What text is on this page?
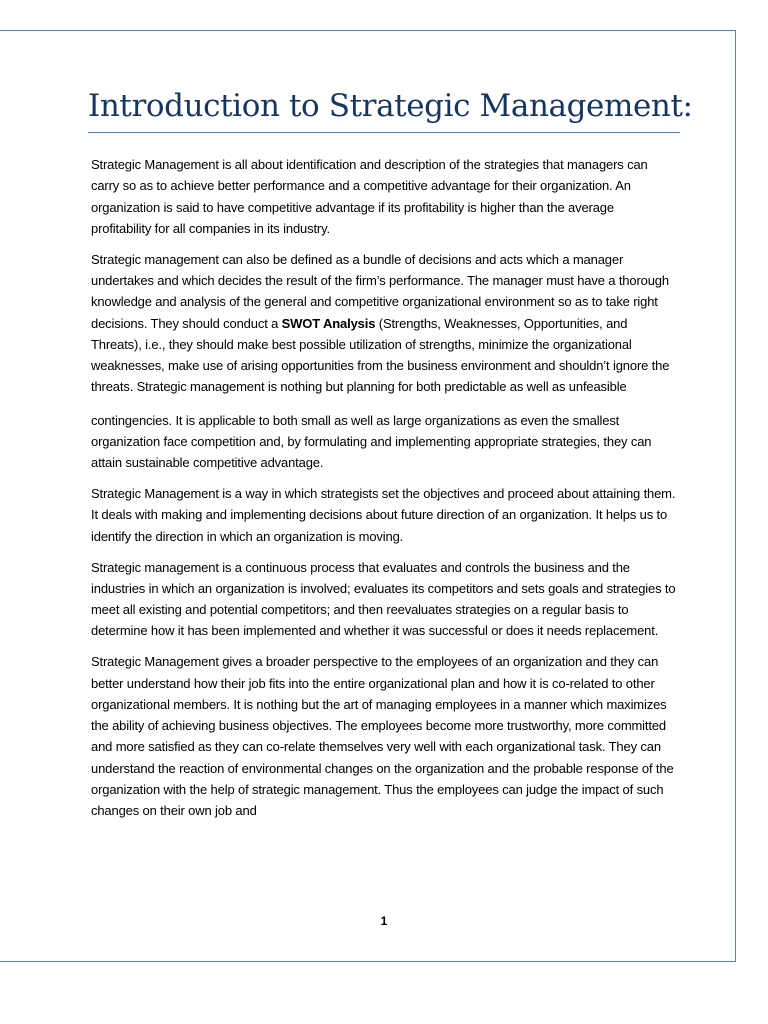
Introduction to Strategic Management:

Strategic Management is all about identification and description of the strategies that managers can carry so as to achieve better performance and a competitive advantage for their organization. An organization is said to have competitive advantage if its profitability is higher than the average profitability for all companies in its industry.

Strategic management can also be defined as a bundle of decisions and acts which a manager undertakes and which decides the result of the firm’s performance. The manager must have a thorough knowledge and analysis of the general and competitive organizational environment so as to take right decisions. They should conduct a SWOT Analysis (Strengths, Weaknesses, Opportunities, and Threats), i.e., they should make best possible utilization of strengths, minimize the organizational weaknesses, make use of arising opportunities from the business environment and shouldn’t ignore the threats. Strategic management is nothing but planning for both predictable as well as unfeasible

contingencies. It is applicable to both small as well as large organizations as even the smallest organization face competition and, by formulating and implementing appropriate strategies, they can attain sustainable competitive advantage.

Strategic Management is a way in which strategists set the objectives and proceed about attaining them. It deals with making and implementing decisions about future direction of an organization. It helps us to identify the direction in which an organization is moving.

Strategic management is a continuous process that evaluates and controls the business and the industries in which an organization is involved; evaluates its competitors and sets goals and strategies to meet all existing and potential competitors; and then reevaluates strategies on a regular basis to determine how it has been implemented and whether it was successful or does it needs replacement.

Strategic Management gives a broader perspective to the employees of an organization and they can better understand how their job fits into the entire organizational plan and how it is co-related to other organizational members. It is nothing but the art of managing employees in a manner which maximizes the ability of achieving business objectives. The employees become more trustworthy, more committed and more satisfied as they can co-relate themselves very well with each organizational task. They can understand the reaction of environmental changes on the organization and the probable response of the organization with the help of strategic management. Thus the employees can judge the impact of such changes on their own job and

1
